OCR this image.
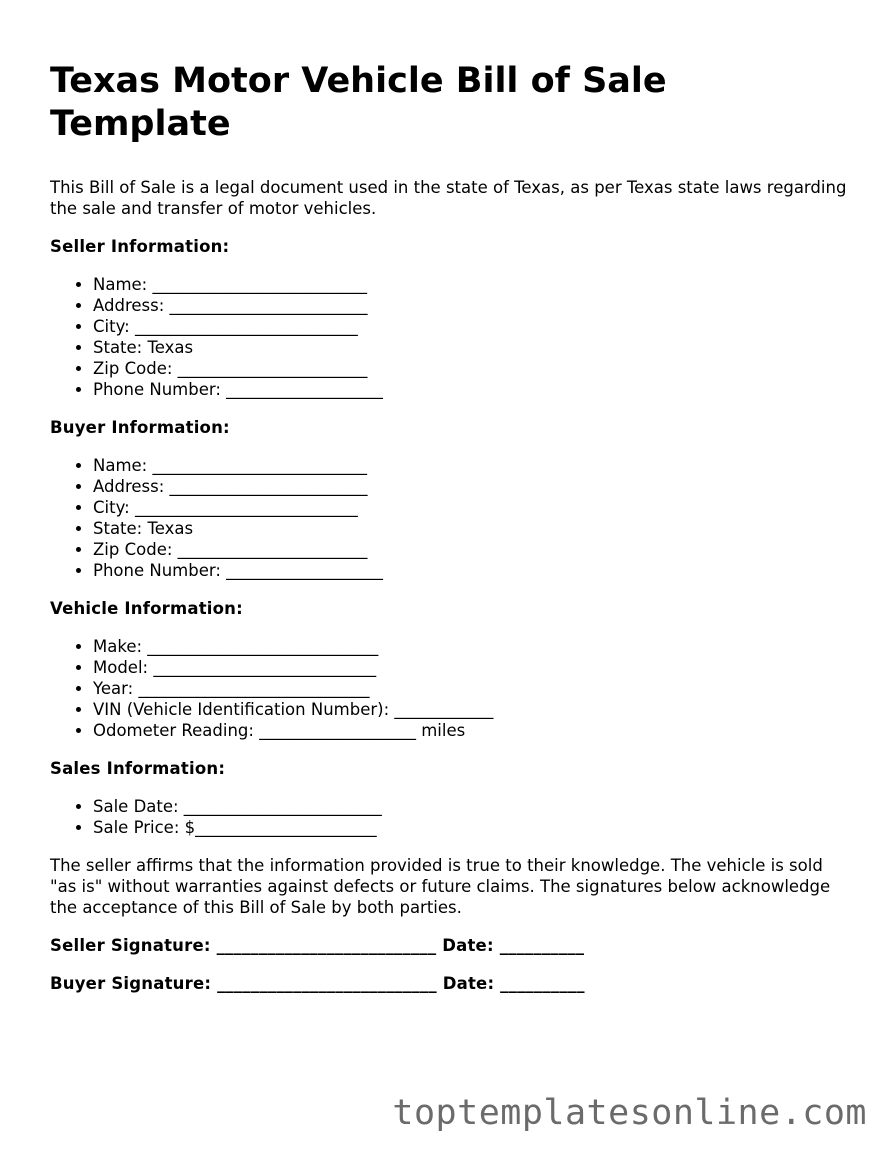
Texas Motor Vehicle Bill of Sale Template

This Bill of Sale is a legal document used in the state of Texas, as per Texas state laws regarding the sale and transfer of motor vehicles.

Seller Information:
• Name: __________________________
• Address: ________________________
• City: ___________________________
• State: Texas
• Zip Code: _______________________
• Phone Number: ___________________
Buyer Information:
• Name: __________________________
• Address: ________________________
• City: ___________________________
• State: Texas
• Zip Code: _______________________
• Phone Number: ___________________
Vehicle Information:
• Make: ____________________________
• Model: ___________________________
• Year: ____________________________
• VIN (Vehicle Identification Number): ____________
• Odometer Reading: ___________________ miles
Sales Information:
• Sale Date: ________________________
• Sale Price: $______________________

The seller affirms that the information provided is true to their knowledge. The vehicle is sold "as is" without warranties against defects or future claims. The signatures below acknowledge the acceptance of this Bill of Sale by both parties.

Seller Signature: __________________________ Date: __________
Buyer Signature: __________________________ Date: __________
toptemplatesonline.com
